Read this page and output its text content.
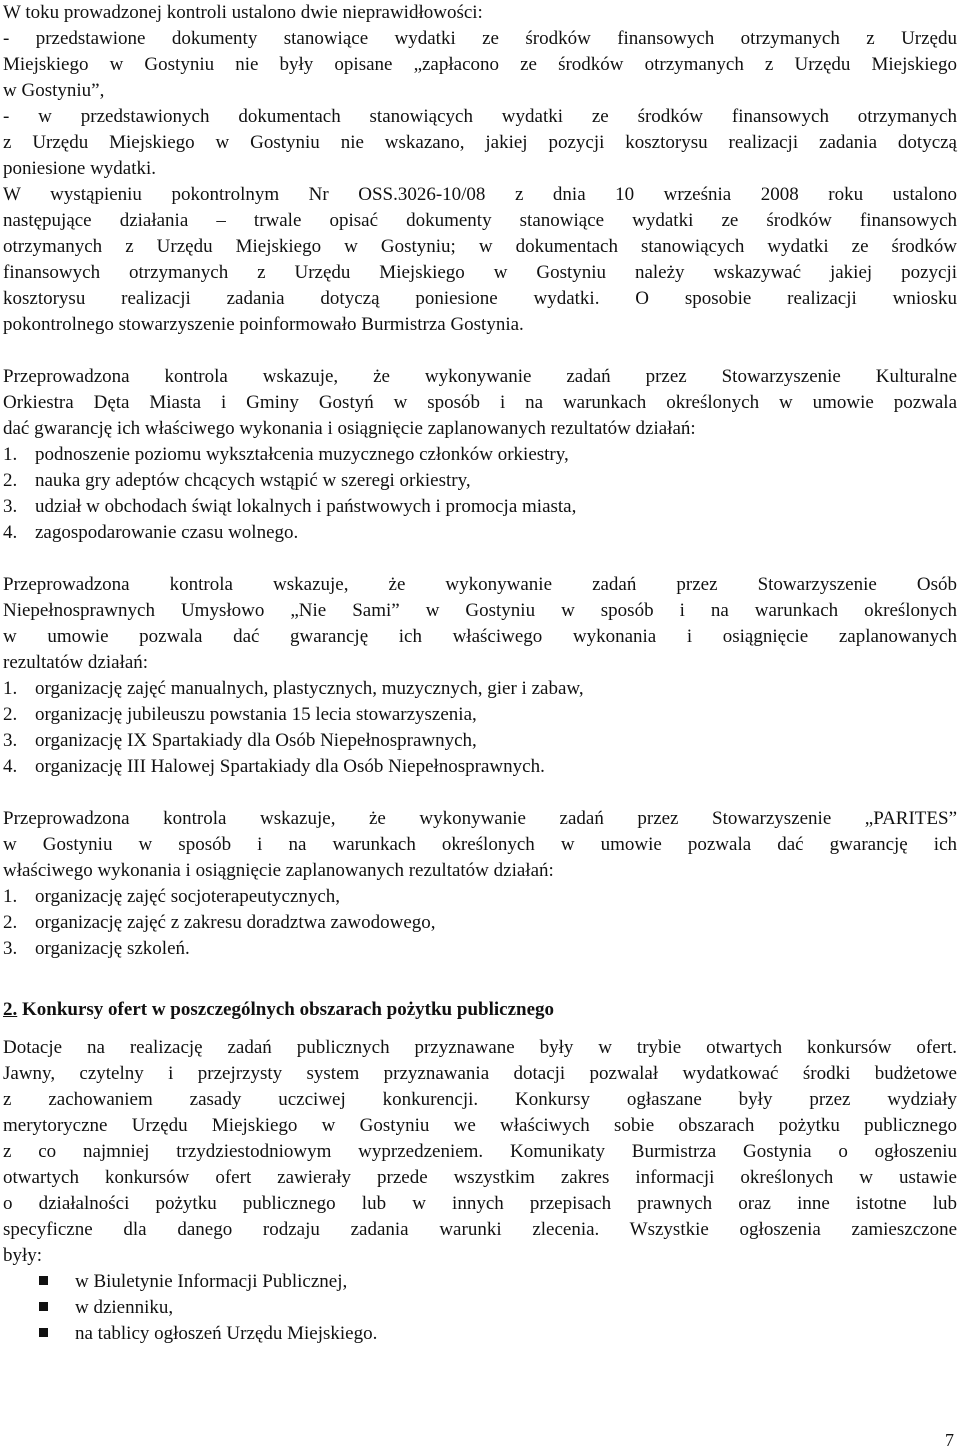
W toku prowadzonej kontroli ustalono dwie nieprawidłowości:
- przedstawione dokumenty stanowiące wydatki ze środków finansowych otrzymanych z Urzędu
Miejskiego w Gostyniu nie były opisane „zapłacono ze środków otrzymanych z Urzędu Miejskiego
w Gostyniu”,
- w przedstawionych dokumentach stanowiących wydatki ze środków finansowych otrzymanych
z Urzędu Miejskiego w Gostyniu nie wskazano, jakiej pozycji kosztorysu realizacji zadania dotyczą
poniesione wydatki.
W wystąpieniu pokontrolnym Nr OSS.3026-10/08 z dnia 10 września 2008 roku ustalono
następujące działania – trwale opisać dokumenty stanowiące wydatki ze środków finansowych
otrzymanych z Urzędu Miejskiego w Gostyniu; w dokumentach stanowiących wydatki ze środków
finansowych otrzymanych z Urzędu Miejskiego w Gostyniu należy wskazywać jakiej pozycji
kosztorysu realizacji zadania dotyczą poniesione wydatki. O sposobie realizacji wniosku
pokontrolnego stowarzyszenie poinformowało Burmistrza Gostynia.
Przeprowadzona kontrola wskazuje, że wykonywanie zadań przez Stowarzyszenie Kulturalne
Orkiestra Dęta Miasta i Gminy Gostyń w sposób i na warunkach określonych w umowie pozwala
dać gwarancję ich właściwego wykonania i osiągnięcie zaplanowanych rezultatów działań:
1. podnoszenie poziomu wykształcenia muzycznego członków orkiestry,
2. nauka gry adeptów chcących wstąpić w szeregi orkiestry,
3. udział w obchodach świąt lokalnych i państwowych i promocja miasta,
4. zagospodarowanie czasu wolnego.
Przeprowadzona kontrola wskazuje, że wykonywanie zadań przez Stowarzyszenie Osób
Niepełnosprawnych Umysłowo „Nie Sami” w Gostyniu w sposób i na warunkach określonych
w umowie pozwala dać gwarancję ich właściwego wykonania i osiągnięcie zaplanowanych
rezultatów działań:
1. organizację zajęć manualnych, plastycznych, muzycznych, gier i zabaw,
2. organizację jubileuszu powstania 15 lecia stowarzyszenia,
3. organizację IX Spartakiady dla Osób Niepełnosprawnych,
4. organizację III Halowej Spartakiady dla Osób Niepełnosprawnych.
Przeprowadzona kontrola wskazuje, że wykonywanie zadań przez Stowarzyszenie „PARITES”
w Gostyniu w sposób i na warunkach określonych w umowie pozwala dać gwarancję ich
właściwego wykonania i osiągnięcie zaplanowanych rezultatów działań:
1. organizację zajęć socjoterapeutycznych,
2. organizację zajęć z zakresu doradztwa zawodowego,
3. organizację szkoleń.
2. Konkursy ofert w poszczególnych obszarach pożytku publicznego
Dotacje na realizację zadań publicznych przyznawane były w trybie otwartych konkursów ofert.
Jawny, czytelny i przejrzysty system przyznawania dotacji pozwalał wydatkować środki budżetowe
z zachowaniem zasady uczciwej konkurencji. Konkursy ogłaszane były przez wydziały
merytoryczne Urzędu Miejskiego w Gostyniu we właściwych sobie obszarach pożytku publicznego
z co najmniej trzydziestodniowym wyprzedzeniem. Komunikaty Burmistrza Gostynia o ogłoszeniu
otwartych konkursów ofert zawierały przede wszystkim zakres informacji określonych w ustawie
o działalności pożytku publicznego lub w innych przepisach prawnych oraz inne istotne lub
specyficzne dla danego rodzaju zadania warunki zlecenia. Wszystkie ogłoszenia zamieszczone
były:
w Biuletynie Informacji Publicznej,
w dzienniku,
na tablicy ogłoszeń Urzędu Miejskiego.
7
